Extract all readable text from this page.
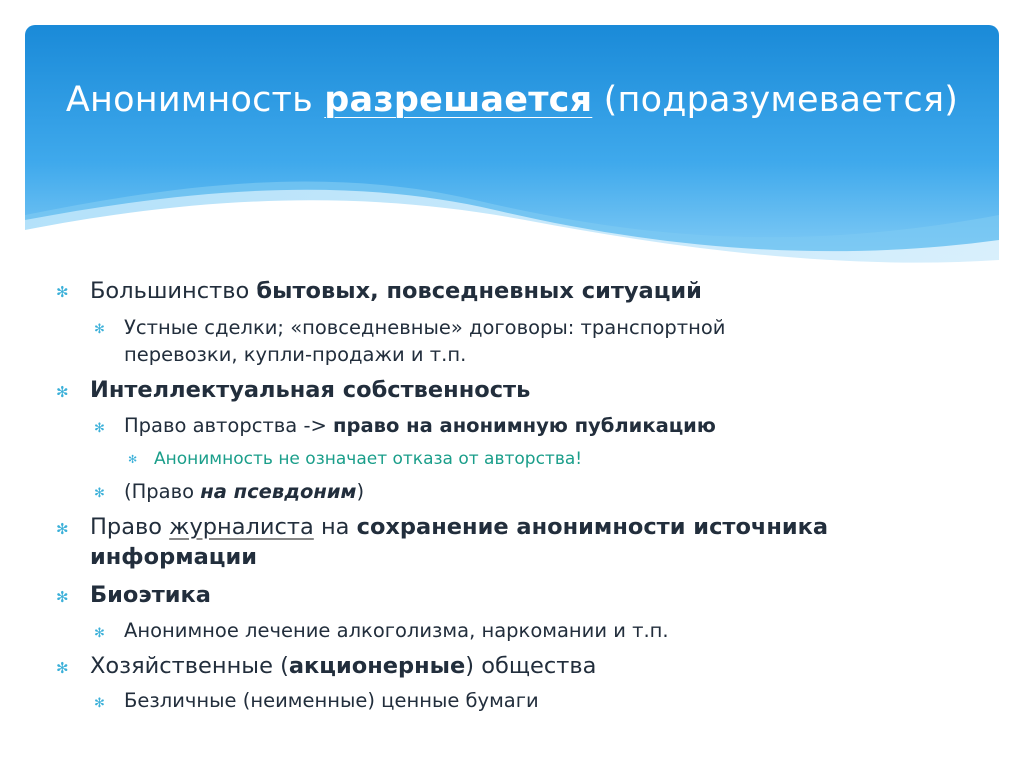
Анонимность разрешается (подразумевается)
✻ Большинство бытовых, повседневных ситуаций
✻ Устные сделки; «повседневные» договоры: транспортной
перевозки, купли-продажи и т.п.
✻ Интеллектуальная собственность
✻ Право авторства -> право на анонимную публикацию
✻ Анонимность не означает отказа от авторства!
✻ (Право на псевдоним)
✻ Право журналиста на сохранение анонимности источника
информации
✻ Биоэтика
✻ Анонимное лечение алкоголизма, наркомании и т.п.
✻ Хозяйственные (акционерные) общества
✻ Безличные (неименные) ценные бумаги
